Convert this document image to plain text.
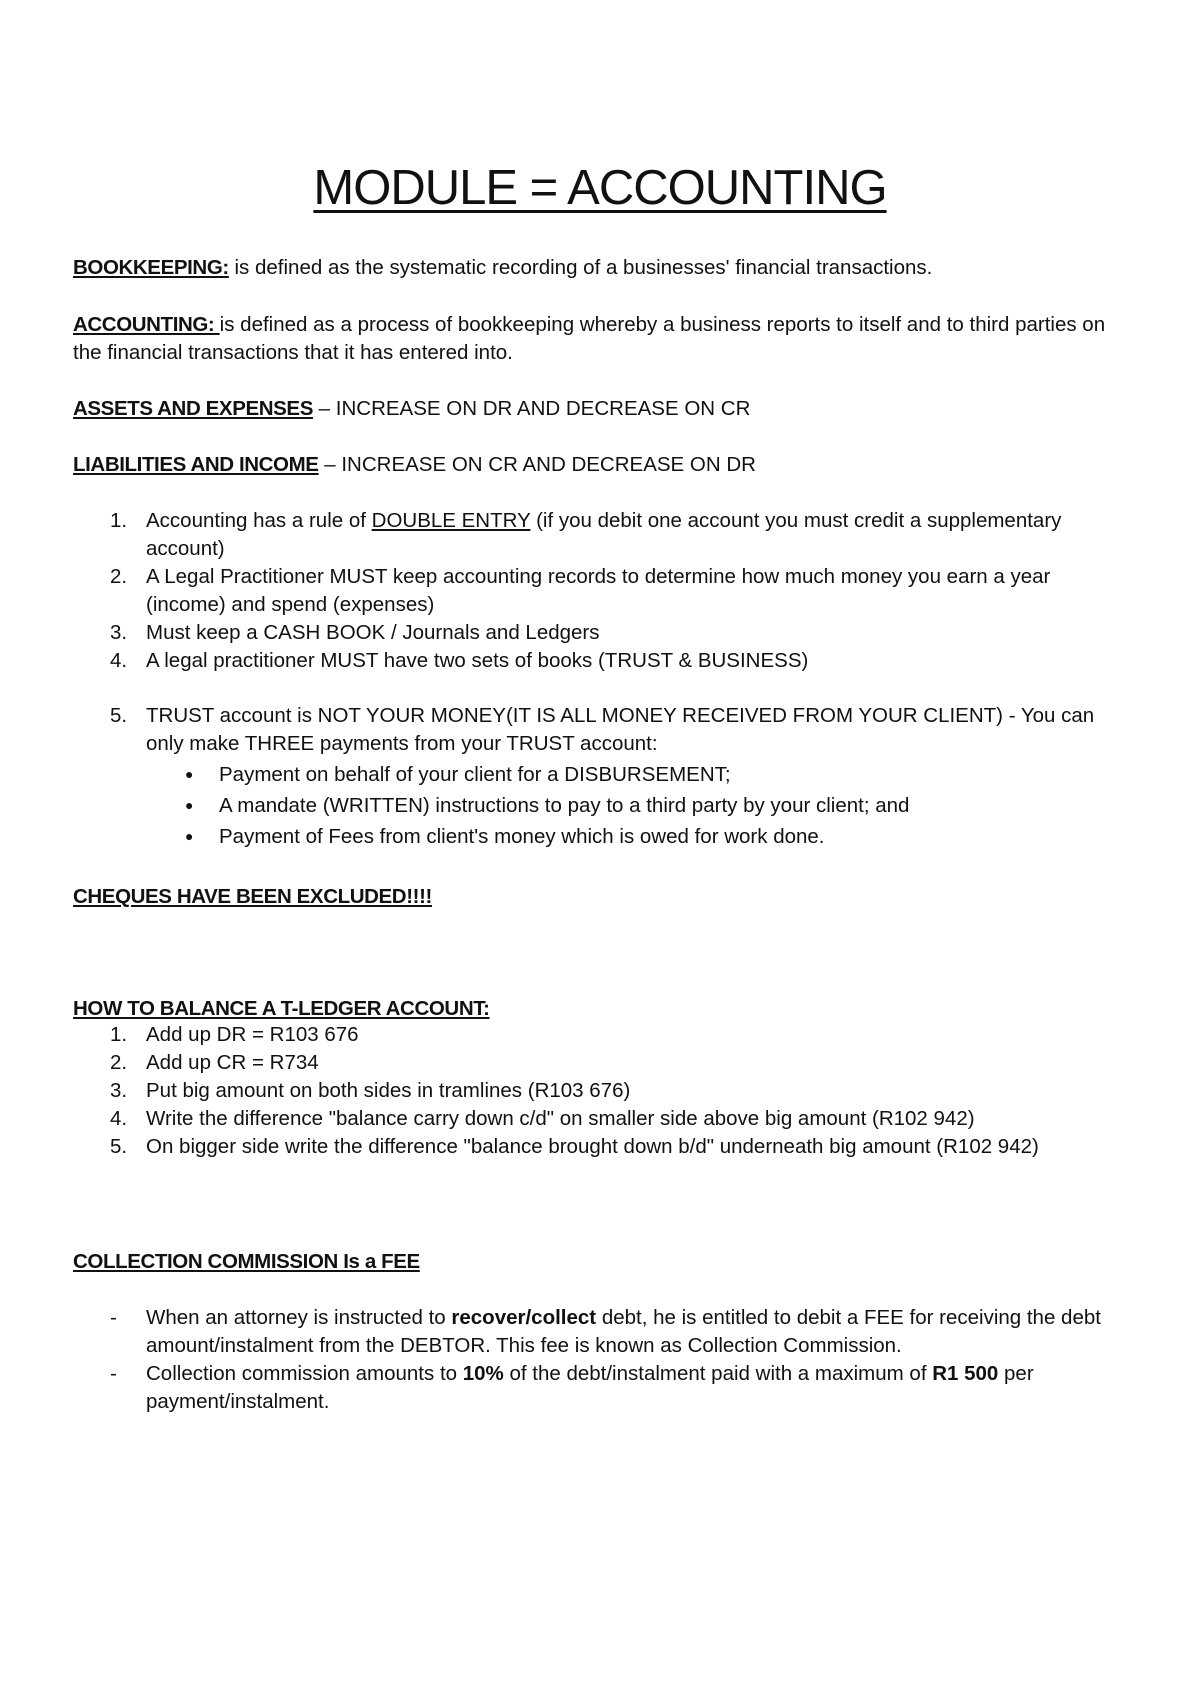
MODULE = ACCOUNTING
BOOKKEEPING: is defined as the systematic recording of a businesses' financial transactions.
ACCOUNTING: is defined as a process of bookkeeping whereby a business reports to itself and to third parties on the financial transactions that it has entered into.
ASSETS AND EXPENSES – INCREASE ON DR AND DECREASE ON CR
LIABILITIES AND INCOME – INCREASE ON CR AND DECREASE ON DR
1. Accounting has a rule of DOUBLE ENTRY (if you debit one account you must credit a supplementary account)
2. A Legal Practitioner MUST keep accounting records to determine how much money you earn a year (income) and spend (expenses)
3. Must keep a CASH BOOK / Journals and Ledgers
4. A legal practitioner MUST have two sets of books (TRUST & BUSINESS)
5. TRUST account is NOT YOUR MONEY(IT IS ALL MONEY RECEIVED FROM YOUR CLIENT) - You can only make THREE payments from your TRUST account:
● Payment on behalf of your client for a DISBURSEMENT;
● A mandate (WRITTEN) instructions to pay to a third party by your client; and
● Payment of Fees from client's money which is owed for work done.
CHEQUES HAVE BEEN EXCLUDED!!!!
HOW TO BALANCE A T-LEDGER ACCOUNT:
1. Add up DR = R103 676
2. Add up CR = R734
3. Put big amount on both sides in tramlines (R103 676)
4. Write the difference "balance carry down c/d" on smaller side above big amount (R102 942)
5. On bigger side write the difference "balance brought down b/d" underneath big amount (R102 942)
COLLECTION COMMISSION Is a FEE
- When an attorney is instructed to recover/collect debt, he is entitled to debit a FEE for receiving the debt amount/instalment from the DEBTOR. This fee is known as Collection Commission.
- Collection commission amounts to 10% of the debt/instalment paid with a maximum of R1 500 per payment/instalment.
